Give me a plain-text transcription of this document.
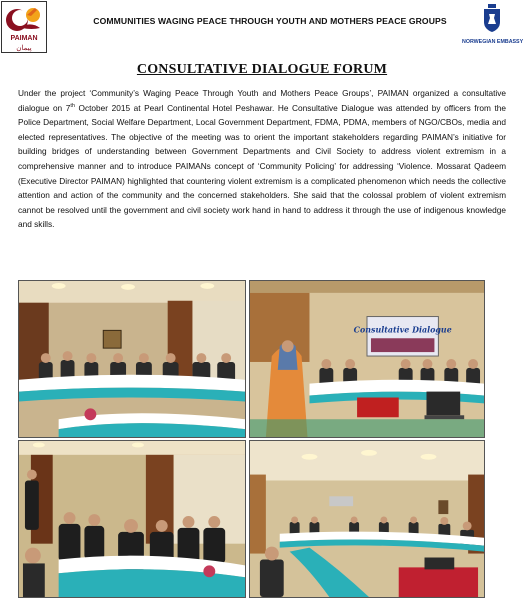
PAIMAN
پیمان
COMMUNITIES WAGING PEACE THROUGH YOUTH AND MOTHERS PEACE GROUPS
NORWEGIAN EMBASSY
CONSULTATIVE DIALOGUE FORUM
Under the project ‘Community’s Waging Peace Through Youth and Mothers Peace Groups’, PAIMAN organized a consultative dialogue on 7th October 2015 at Pearl Continental Hotel Peshawar. He Consultative Dialogue was attended by officers from the Police Department, Social Welfare Department, Local Government Department, FDMA, PDMA, members of NGO/CBOs, media and elected representatives. The objective of the meeting was to orient the important stakeholders regarding PAIMAN’s initiative for building bridges of understanding between Government Departments and Civil Society to address violent extremism in a comprehensive manner and to introduce PAIMANs concept of ‘Community Policing’ for addressing ‘Violence. Mossarat Qadeem (Executive Director PAIMAN) highlighted that countering violent extremism is a complicated phenomenon which needs the collective attention and action of the community and the concerned stakeholders. She said that the colossal problem of violent extremism cannot be resolved until the government and civil society work hand in hand to address it through the use of indigenous knowledge and skills.
Consultative Dialogue
